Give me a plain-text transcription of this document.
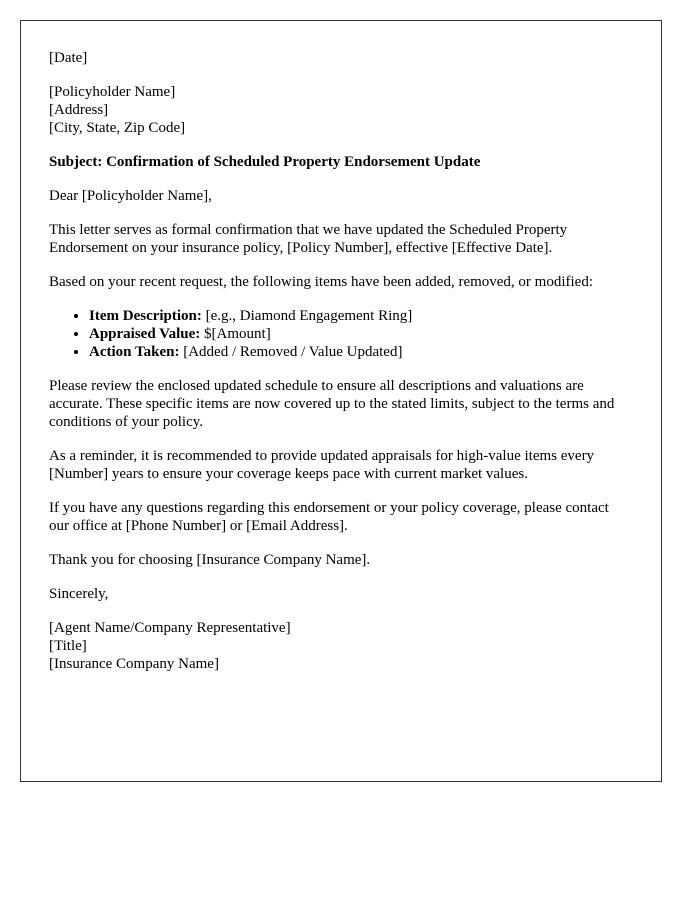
[Date]

[Policyholder Name]
[Address]
[City, State, Zip Code]

Subject: Confirmation of Scheduled Property Endorsement Update

Dear [Policyholder Name],

This letter serves as formal confirmation that we have updated the Scheduled Property Endorsement on your insurance policy, [Policy Number], effective [Effective Date].

Based on your recent request, the following items have been added, removed, or modified:

• Item Description: [e.g., Diamond Engagement Ring]
• Appraised Value: $[Amount]
• Action Taken: [Added / Removed / Value Updated]

Please review the enclosed updated schedule to ensure all descriptions and valuations are accurate. These specific items are now covered up to the stated limits, subject to the terms and conditions of your policy.

As a reminder, it is recommended to provide updated appraisals for high-value items every [Number] years to ensure your coverage keeps pace with current market values.

If you have any questions regarding this endorsement or your policy coverage, please contact our office at [Phone Number] or [Email Address].

Thank you for choosing [Insurance Company Name].

Sincerely,

[Agent Name/Company Representative]
[Title]
[Insurance Company Name]
